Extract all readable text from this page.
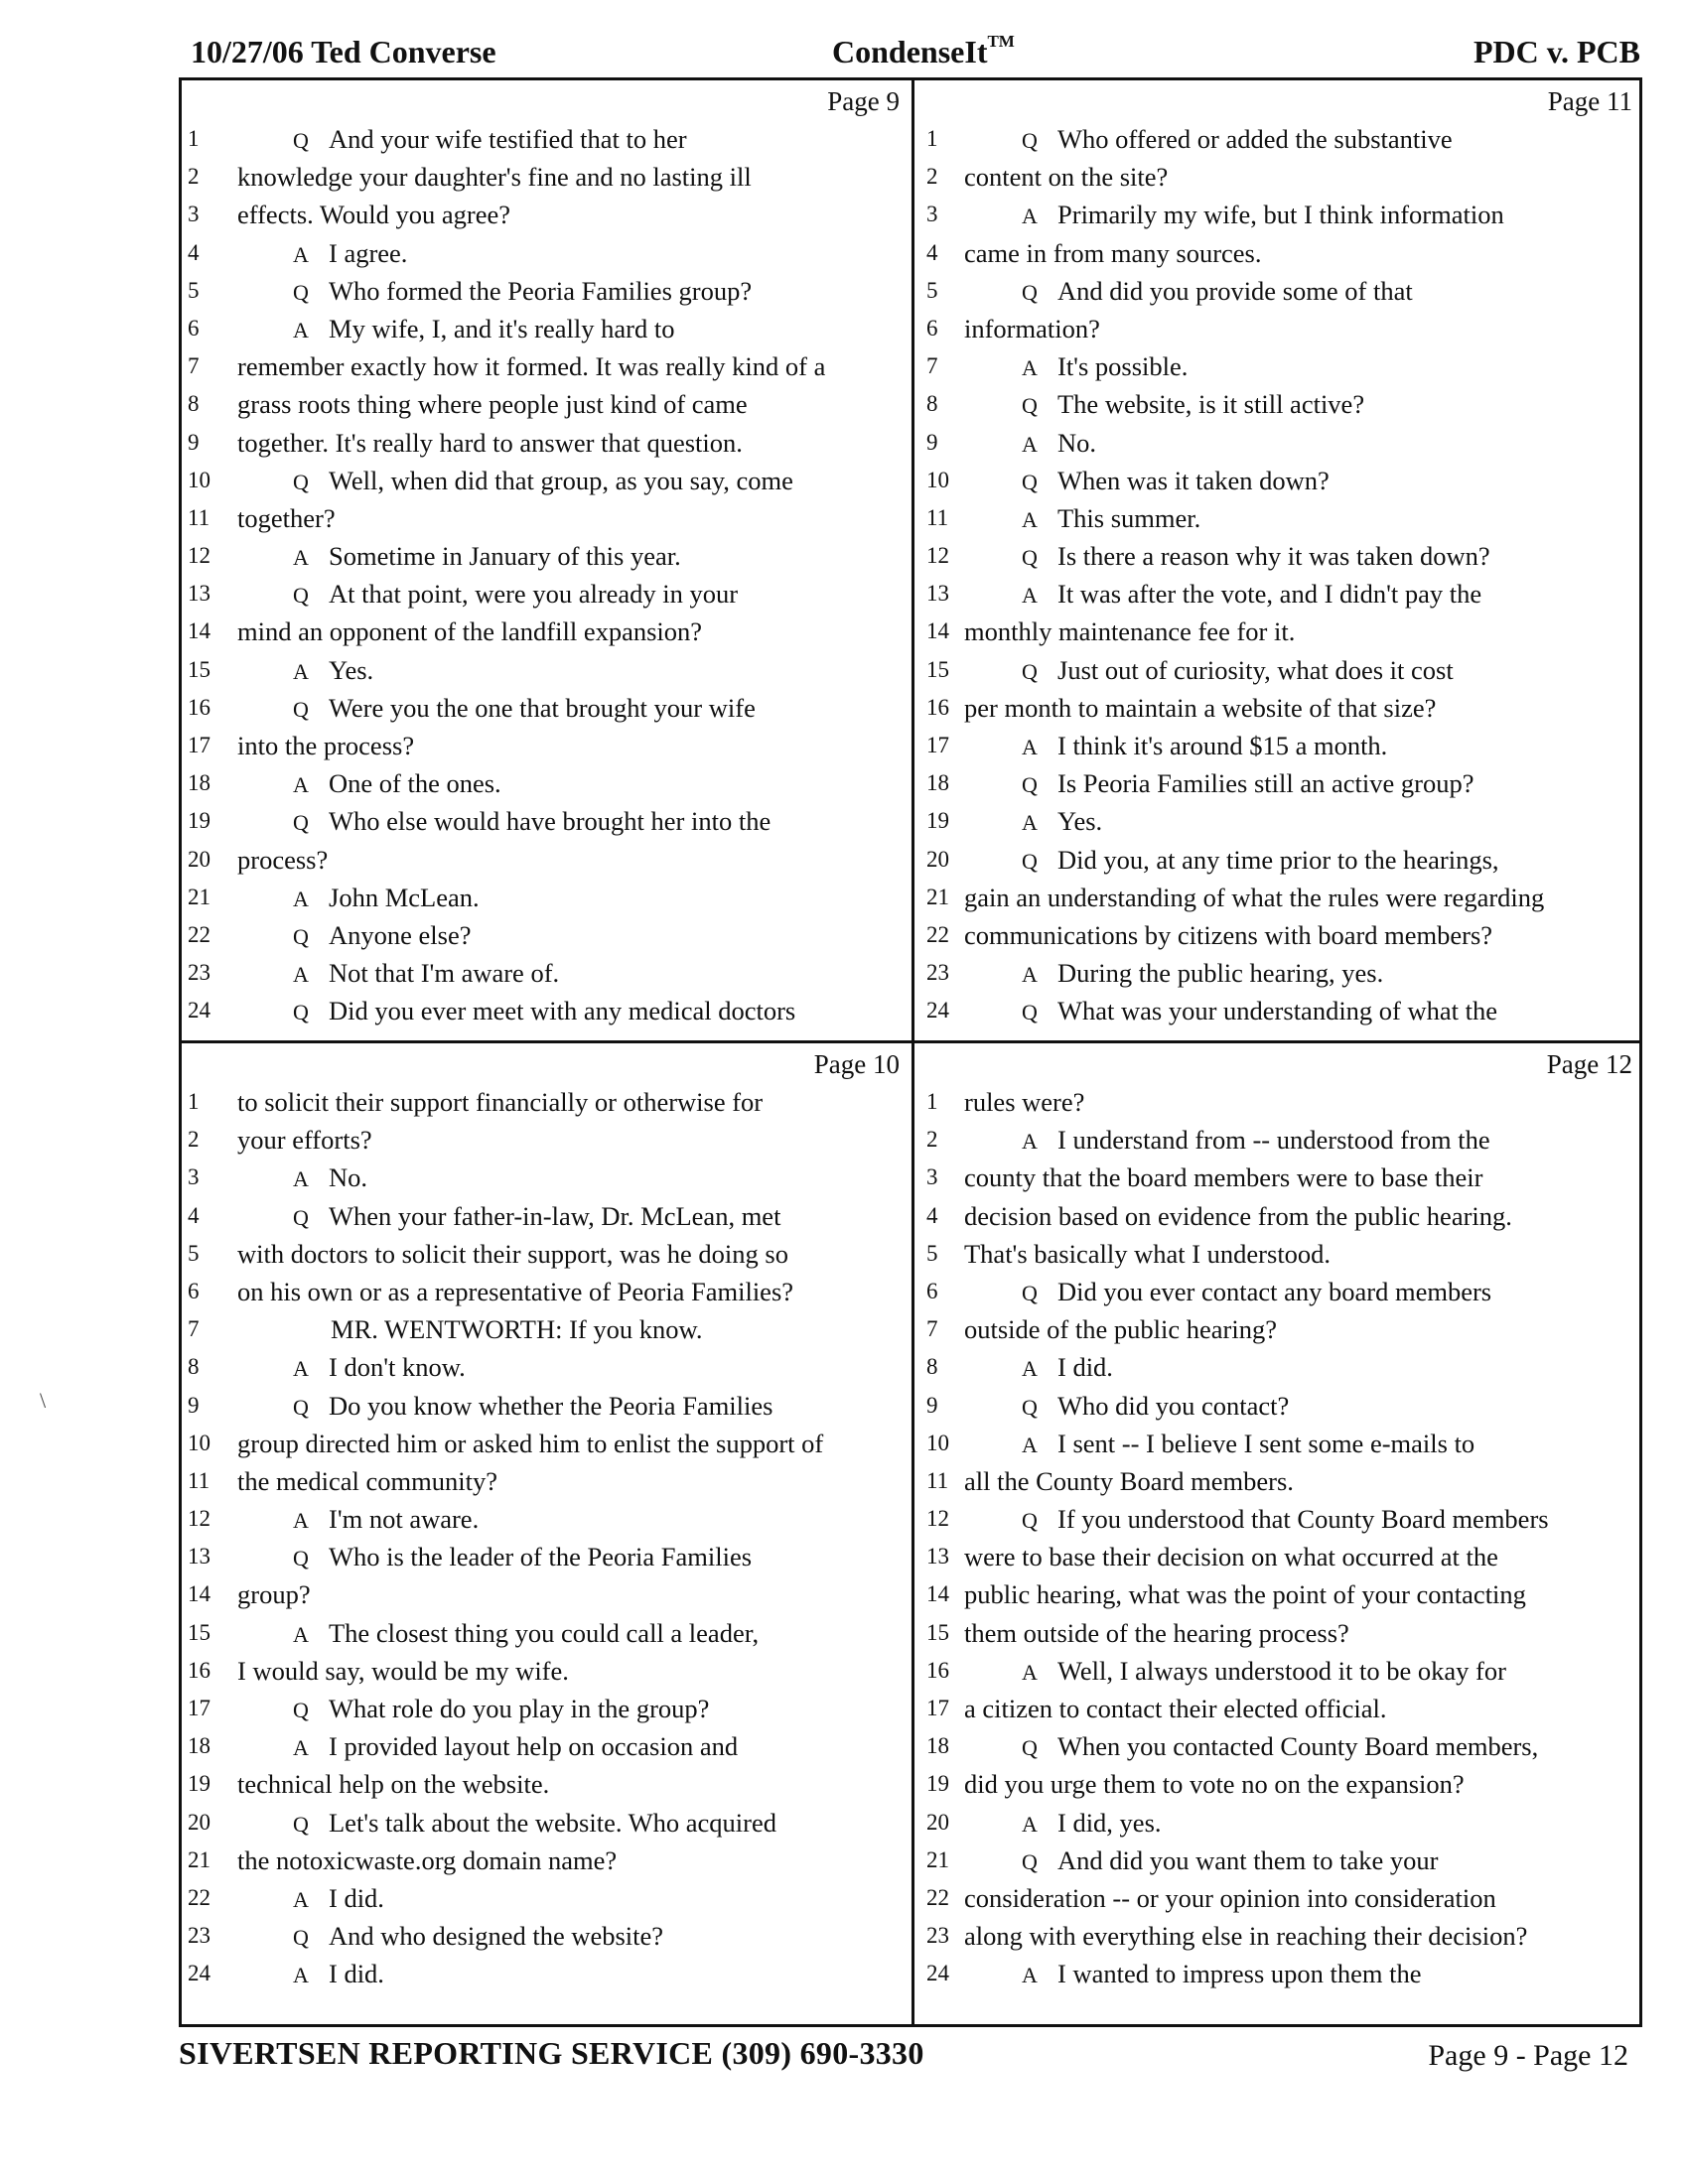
10/27/06 Ted Converse	CondenseIt™	PDC v. PCB
\
Page 9
1	Q And your wife testified that to her
2	knowledge your daughter's fine and no lasting ill
3	effects. Would you agree?
4	A I agree.
5	Q Who formed the Peoria Families group?
6	A My wife, I, and it's really hard to
7	remember exactly how it formed. It was really kind of a
8	grass roots thing where people just kind of came
9	together. It's really hard to answer that question.
10	Q Well, when did that group, as you say, come
11	together?
12	A Sometime in January of this year.
13	Q At that point, were you already in your
14	mind an opponent of the landfill expansion?
15	A Yes.
16	Q Were you the one that brought your wife
17	into the process?
18	A One of the ones.
19	Q Who else would have brought her into the
20	process?
21	A John McLean.
22	Q Anyone else?
23	A Not that I'm aware of.
24	Q Did you ever meet with any medical doctors
Page 11
1	Q Who offered or added the substantive
2	content on the site?
3	A Primarily my wife, but I think information
4	came in from many sources.
5	Q And did you provide some of that
6	information?
7	A It's possible.
8	Q The website, is it still active?
9	A No.
10	Q When was it taken down?
11	A This summer.
12	Q Is there a reason why it was taken down?
13	A It was after the vote, and I didn't pay the
14 monthly maintenance fee for it.
15	Q Just out of curiosity, what does it cost
16 per month to maintain a website of that size?
17	A I think it's around $15 a month.
18	Q Is Peoria Families still an active group?
19	A Yes.
20	Q Did you, at any time prior to the hearings,
21 gain an understanding of what the rules were regarding
22 communications by citizens with board members?
23	A During the public hearing, yes.
24	Q What was your understanding of what the
Page 10
1	to solicit their support financially or otherwise for
2	your efforts?
3	A No.
4	Q When your father-in-law, Dr. McLean, met
5	with doctors to solicit their support, was he doing so
6	on his own or as a representative of Peoria Families?
7	MR. WENTWORTH: If you know.
8	A I don't know.
9	Q Do you know whether the Peoria Families
10	group directed him or asked him to enlist the support of
11	the medical community?
12	A I'm not aware.
13	Q Who is the leader of the Peoria Families
14	group?
15	A The closest thing you could call a leader,
16	I would say, would be my wife.
17	Q What role do you play in the group?
18	A I provided layout help on occasion and
19	technical help on the website.
20	Q Let's talk about the website. Who acquired
21	the notoxicwaste.org domain name?
22	A I did.
23	Q And who designed the website?
24	A I did.
Page 12
1	rules were?
2	A I understand from -- understood from the
3	county that the board members were to base their
4	decision based on evidence from the public hearing.
5	That's basically what I understood.
6	Q Did you ever contact any board members
7	outside of the public hearing?
8	A I did.
9	Q Who did you contact?
10	A I sent -- I believe I sent some e-mails to
11 all the County Board members.
12	Q If you understood that County Board members
13 were to base their decision on what occurred at the
14 public hearing, what was the point of your contacting
15 them outside of the hearing process?
16	A Well, I always understood it to be okay for
17 a citizen to contact their elected official.
18	Q When you contacted County Board members,
19 did you urge them to vote no on the expansion?
20	A I did, yes.
21	Q And did you want them to take your
22 consideration -- or your opinion into consideration
23 along with everything else in reaching their decision?
24	A I wanted to impress upon them the
SIVERTSEN REPORTING SERVICE (309) 690-3330	Page 9 - Page 12
